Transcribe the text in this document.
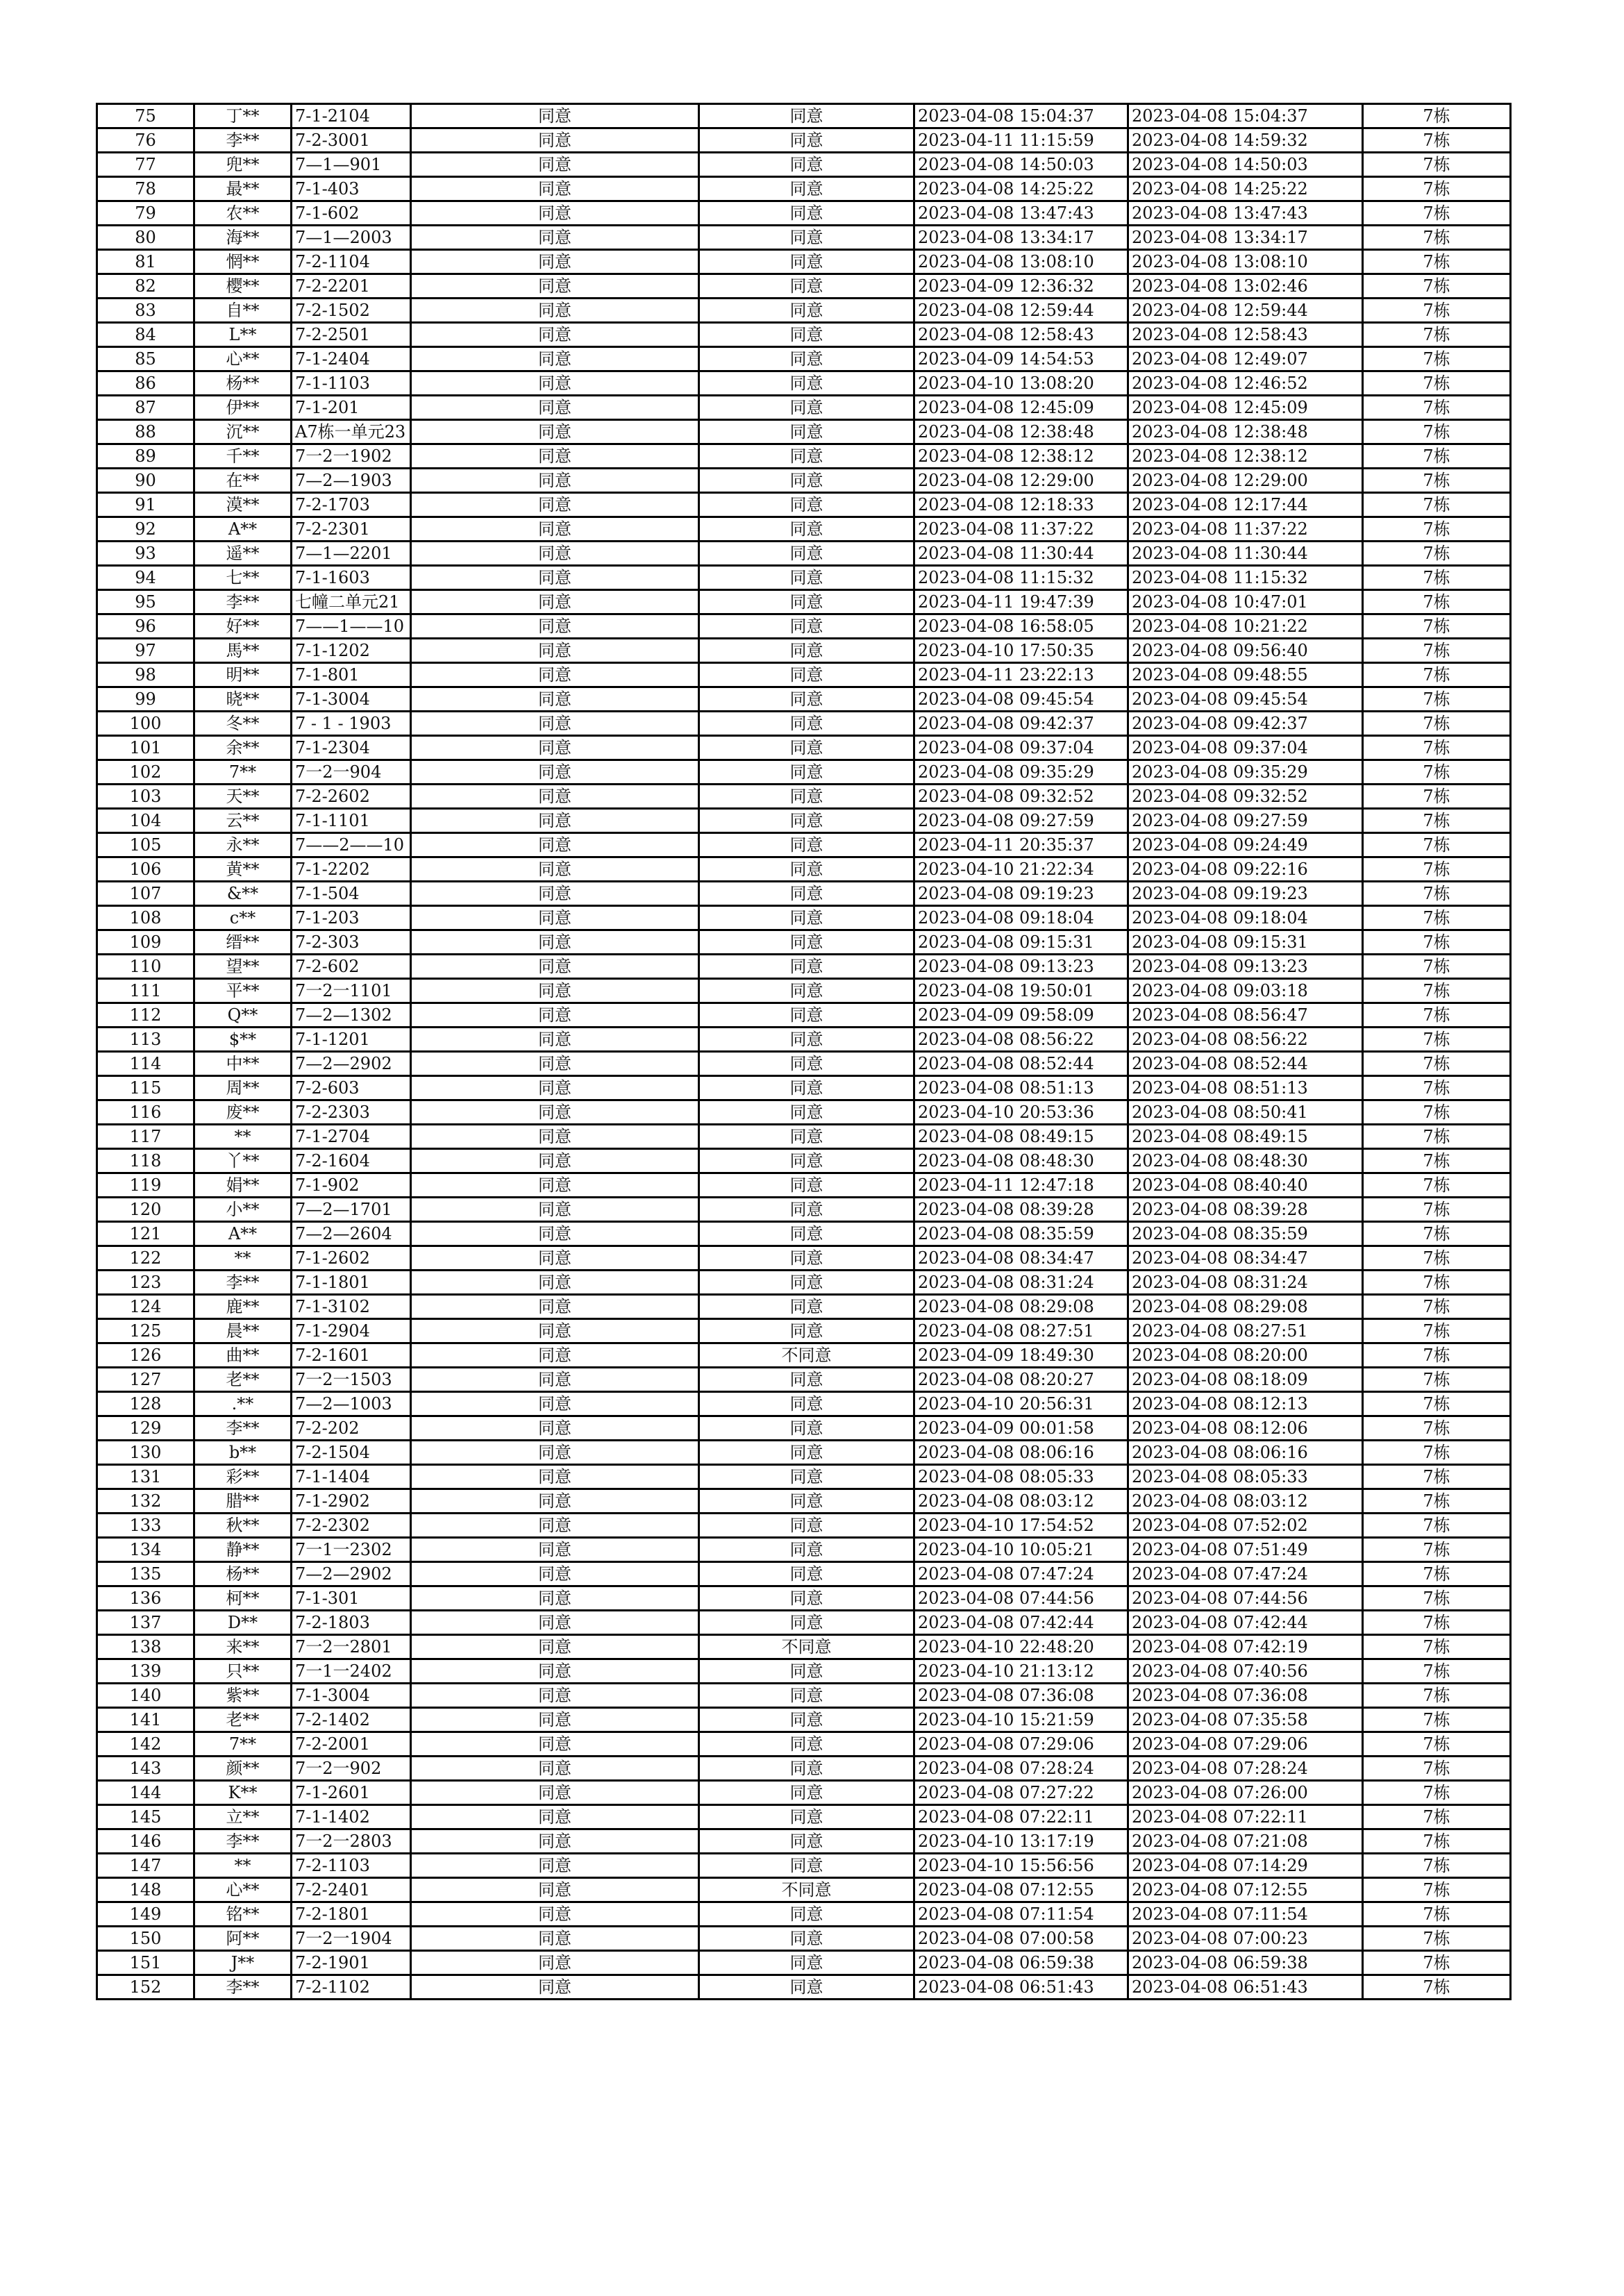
75	丁**	7-1-2104	同意	同意	2023-04-08 15:04:37	2023-04-08 15:04:37	7栋
76	李**	7-2-3001	同意	同意	2023-04-11 11:15:59	2023-04-08 14:59:32	7栋
77	兜**	7—1—901	同意	同意	2023-04-08 14:50:03	2023-04-08 14:50:03	7栋
78	最**	7-1-403	同意	同意	2023-04-08 14:25:22	2023-04-08 14:25:22	7栋
79	农**	7-1-602	同意	同意	2023-04-08 13:47:43	2023-04-08 13:47:43	7栋
80	海**	7—1—2003	同意	同意	2023-04-08 13:34:17	2023-04-08 13:34:17	7栋
81	惘**	7-2-1104	同意	同意	2023-04-08 13:08:10	2023-04-08 13:08:10	7栋
82	樱**	7-2-2201	同意	同意	2023-04-09 12:36:32	2023-04-08 13:02:46	7栋
83	自**	7-2-1502	同意	同意	2023-04-08 12:59:44	2023-04-08 12:59:44	7栋
84	L**	7-2-2501	同意	同意	2023-04-08 12:58:43	2023-04-08 12:58:43	7栋
85	心**	7-1-2404	同意	同意	2023-04-09 14:54:53	2023-04-08 12:49:07	7栋
86	杨**	7-1-1103	同意	同意	2023-04-10 13:08:20	2023-04-08 12:46:52	7栋
87	伊**	7-1-201	同意	同意	2023-04-08 12:45:09	2023-04-08 12:45:09	7栋
88	沉**	A7栋一单元23	同意	同意	2023-04-08 12:38:48	2023-04-08 12:38:48	7栋
89	千**	7一2一1902	同意	同意	2023-04-08 12:38:12	2023-04-08 12:38:12	7栋
90	在**	7—2—1903	同意	同意	2023-04-08 12:29:00	2023-04-08 12:29:00	7栋
91	漠**	7-2-1703	同意	同意	2023-04-08 12:18:33	2023-04-08 12:17:44	7栋
92	A**	7-2-2301	同意	同意	2023-04-08 11:37:22	2023-04-08 11:37:22	7栋
93	遥**	7—1—2201	同意	同意	2023-04-08 11:30:44	2023-04-08 11:30:44	7栋
94	七**	7-1-1603	同意	同意	2023-04-08 11:15:32	2023-04-08 11:15:32	7栋
95	李**	七幢二单元21	同意	同意	2023-04-11 19:47:39	2023-04-08 10:47:01	7栋
96	好**	7——1——10	同意	同意	2023-04-08 16:58:05	2023-04-08 10:21:22	7栋
97	馬**	7-1-1202	同意	同意	2023-04-10 17:50:35	2023-04-08 09:56:40	7栋
98	明**	7-1-801	同意	同意	2023-04-11 23:22:13	2023-04-08 09:48:55	7栋
99	晓**	7-1-3004	同意	同意	2023-04-08 09:45:54	2023-04-08 09:45:54	7栋
100	冬**	7 - 1 - 1903	同意	同意	2023-04-08 09:42:37	2023-04-08 09:42:37	7栋
101	余**	7-1-2304	同意	同意	2023-04-08 09:37:04	2023-04-08 09:37:04	7栋
102	7**	7一2一904	同意	同意	2023-04-08 09:35:29	2023-04-08 09:35:29	7栋
103	天**	7-2-2602	同意	同意	2023-04-08 09:32:52	2023-04-08 09:32:52	7栋
104	云**	7-1-1101	同意	同意	2023-04-08 09:27:59	2023-04-08 09:27:59	7栋
105	永**	7——2——10	同意	同意	2023-04-11 20:35:37	2023-04-08 09:24:49	7栋
106	黄**	7-1-2202	同意	同意	2023-04-10 21:22:34	2023-04-08 09:22:16	7栋
107	&**	7-1-504	同意	同意	2023-04-08 09:19:23	2023-04-08 09:19:23	7栋
108	c**	7-1-203	同意	同意	2023-04-08 09:18:04	2023-04-08 09:18:04	7栋
109	缙**	7-2-303	同意	同意	2023-04-08 09:15:31	2023-04-08 09:15:31	7栋
110	望**	7-2-602	同意	同意	2023-04-08 09:13:23	2023-04-08 09:13:23	7栋
111	平**	7一2一1101	同意	同意	2023-04-08 19:50:01	2023-04-08 09:03:18	7栋
112	Q**	7—2—1302	同意	同意	2023-04-09 09:58:09	2023-04-08 08:56:47	7栋
113	$**	7-1-1201	同意	同意	2023-04-08 08:56:22	2023-04-08 08:56:22	7栋
114	中**	7—2—2902	同意	同意	2023-04-08 08:52:44	2023-04-08 08:52:44	7栋
115	周**	7-2-603	同意	同意	2023-04-08 08:51:13	2023-04-08 08:51:13	7栋
116	废**	7-2-2303	同意	同意	2023-04-10 20:53:36	2023-04-08 08:50:41	7栋
117	**	7-1-2704	同意	同意	2023-04-08 08:49:15	2023-04-08 08:49:15	7栋
118	丫**	7-2-1604	同意	同意	2023-04-08 08:48:30	2023-04-08 08:48:30	7栋
119	娟**	7-1-902	同意	同意	2023-04-11 12:47:18	2023-04-08 08:40:40	7栋
120	小**	7—2—1701	同意	同意	2023-04-08 08:39:28	2023-04-08 08:39:28	7栋
121	A**	7—2—2604	同意	同意	2023-04-08 08:35:59	2023-04-08 08:35:59	7栋
122	**	7-1-2602	同意	同意	2023-04-08 08:34:47	2023-04-08 08:34:47	7栋
123	李**	7-1-1801	同意	同意	2023-04-08 08:31:24	2023-04-08 08:31:24	7栋
124	鹿**	7-1-3102	同意	同意	2023-04-08 08:29:08	2023-04-08 08:29:08	7栋
125	晨**	7-1-2904	同意	同意	2023-04-08 08:27:51	2023-04-08 08:27:51	7栋
126	曲**	7-2-1601	同意	不同意	2023-04-09 18:49:30	2023-04-08 08:20:00	7栋
127	老**	7一2一1503	同意	同意	2023-04-08 08:20:27	2023-04-08 08:18:09	7栋
128	.**	7—2—1003	同意	同意	2023-04-10 20:56:31	2023-04-08 08:12:13	7栋
129	李**	7-2-202	同意	同意	2023-04-09 00:01:58	2023-04-08 08:12:06	7栋
130	b**	7-2-1504	同意	同意	2023-04-08 08:06:16	2023-04-08 08:06:16	7栋
131	彩**	7-1-1404	同意	同意	2023-04-08 08:05:33	2023-04-08 08:05:33	7栋
132	腊**	7-1-2902	同意	同意	2023-04-08 08:03:12	2023-04-08 08:03:12	7栋
133	秋**	7-2-2302	同意	同意	2023-04-10 17:54:52	2023-04-08 07:52:02	7栋
134	静**	7一1一2302	同意	同意	2023-04-10 10:05:21	2023-04-08 07:51:49	7栋
135	杨**	7—2—2902	同意	同意	2023-04-08 07:47:24	2023-04-08 07:47:24	7栋
136	柯**	7-1-301	同意	同意	2023-04-08 07:44:56	2023-04-08 07:44:56	7栋
137	D**	7-2-1803	同意	同意	2023-04-08 07:42:44	2023-04-08 07:42:44	7栋
138	来**	7一2一2801	同意	不同意	2023-04-10 22:48:20	2023-04-08 07:42:19	7栋
139	只**	7一1一2402	同意	同意	2023-04-10 21:13:12	2023-04-08 07:40:56	7栋
140	紫**	7-1-3004	同意	同意	2023-04-08 07:36:08	2023-04-08 07:36:08	7栋
141	老**	7-2-1402	同意	同意	2023-04-10 15:21:59	2023-04-08 07:35:58	7栋
142	7**	7-2-2001	同意	同意	2023-04-08 07:29:06	2023-04-08 07:29:06	7栋
143	颜**	7一2一902	同意	同意	2023-04-08 07:28:24	2023-04-08 07:28:24	7栋
144	K**	7-1-2601	同意	同意	2023-04-08 07:27:22	2023-04-08 07:26:00	7栋
145	立**	7-1-1402	同意	同意	2023-04-08 07:22:11	2023-04-08 07:22:11	7栋
146	李**	7一2一2803	同意	同意	2023-04-10 13:17:19	2023-04-08 07:21:08	7栋
147	**	7-2-1103	同意	同意	2023-04-10 15:56:56	2023-04-08 07:14:29	7栋
148	心**	7-2-2401	同意	不同意	2023-04-08 07:12:55	2023-04-08 07:12:55	7栋
149	铭**	7-2-1801	同意	同意	2023-04-08 07:11:54	2023-04-08 07:11:54	7栋
150	阿**	7一2一1904	同意	同意	2023-04-08 07:00:58	2023-04-08 07:00:23	7栋
151	J**	7-2-1901	同意	同意	2023-04-08 06:59:38	2023-04-08 06:59:38	7栋
152	李**	7-2-1102	同意	同意	2023-04-08 06:51:43	2023-04-08 06:51:43	7栋
